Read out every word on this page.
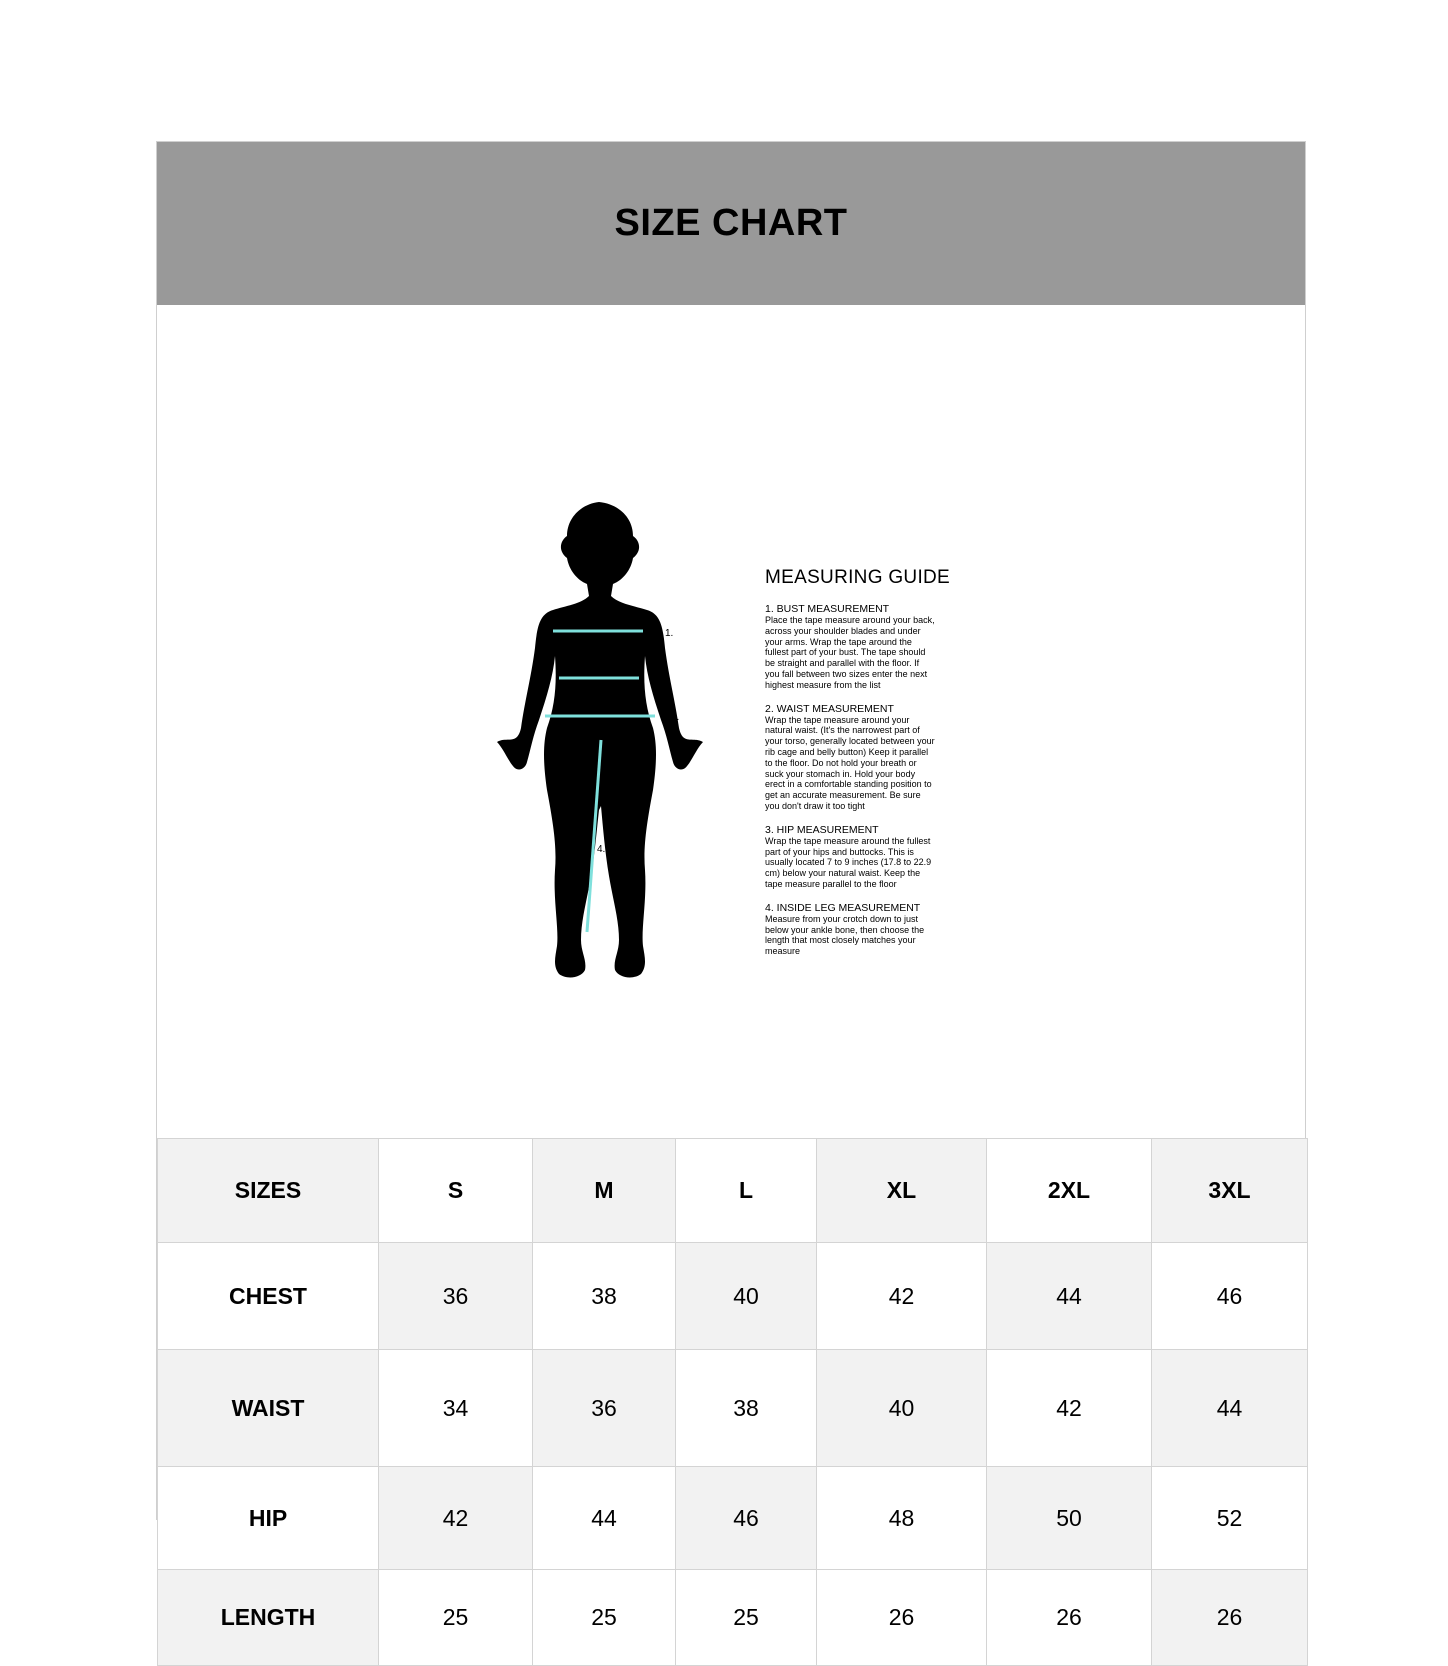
SIZE CHART
1.
2.
3.
4.
MEASURING GUIDE
1. BUST MEASUREMENT
Place the tape measure around your back,
across your shoulder blades and under
your arms. Wrap the tape around the
fullest part of your bust. The tape should
be straight and parallel with the floor. If
you fall between two sizes enter the next
highest measure from the list
2. WAIST MEASUREMENT
Wrap the tape measure around your
natural waist. (It's the narrowest part of
your torso, generally located between your
rib cage and belly button) Keep it parallel
to the floor. Do not hold your breath or
suck your stomach in. Hold your body
erect in a comfortable standing position to
get an accurate measurement. Be sure
you don't draw it too tight
3. HIP MEASUREMENT
Wrap the tape measure around the fullest
part of your hips and buttocks. This is
usually located 7 to 9 inches (17.8 to 22.9
cm) below your natural waist. Keep the
tape measure parallel to the floor
4. INSIDE LEG MEASUREMENT
Measure from your crotch down to just
below your ankle bone, then choose the
length that most closely matches your
measure
SIZES	S	M	L	XL	2XL	3XL
CHEST	36	38	40	42	44	46
WAIST	34	36	38	40	42	44
HIP	42	44	46	48	50	52
LENGTH	25	25	25	26	26	26
